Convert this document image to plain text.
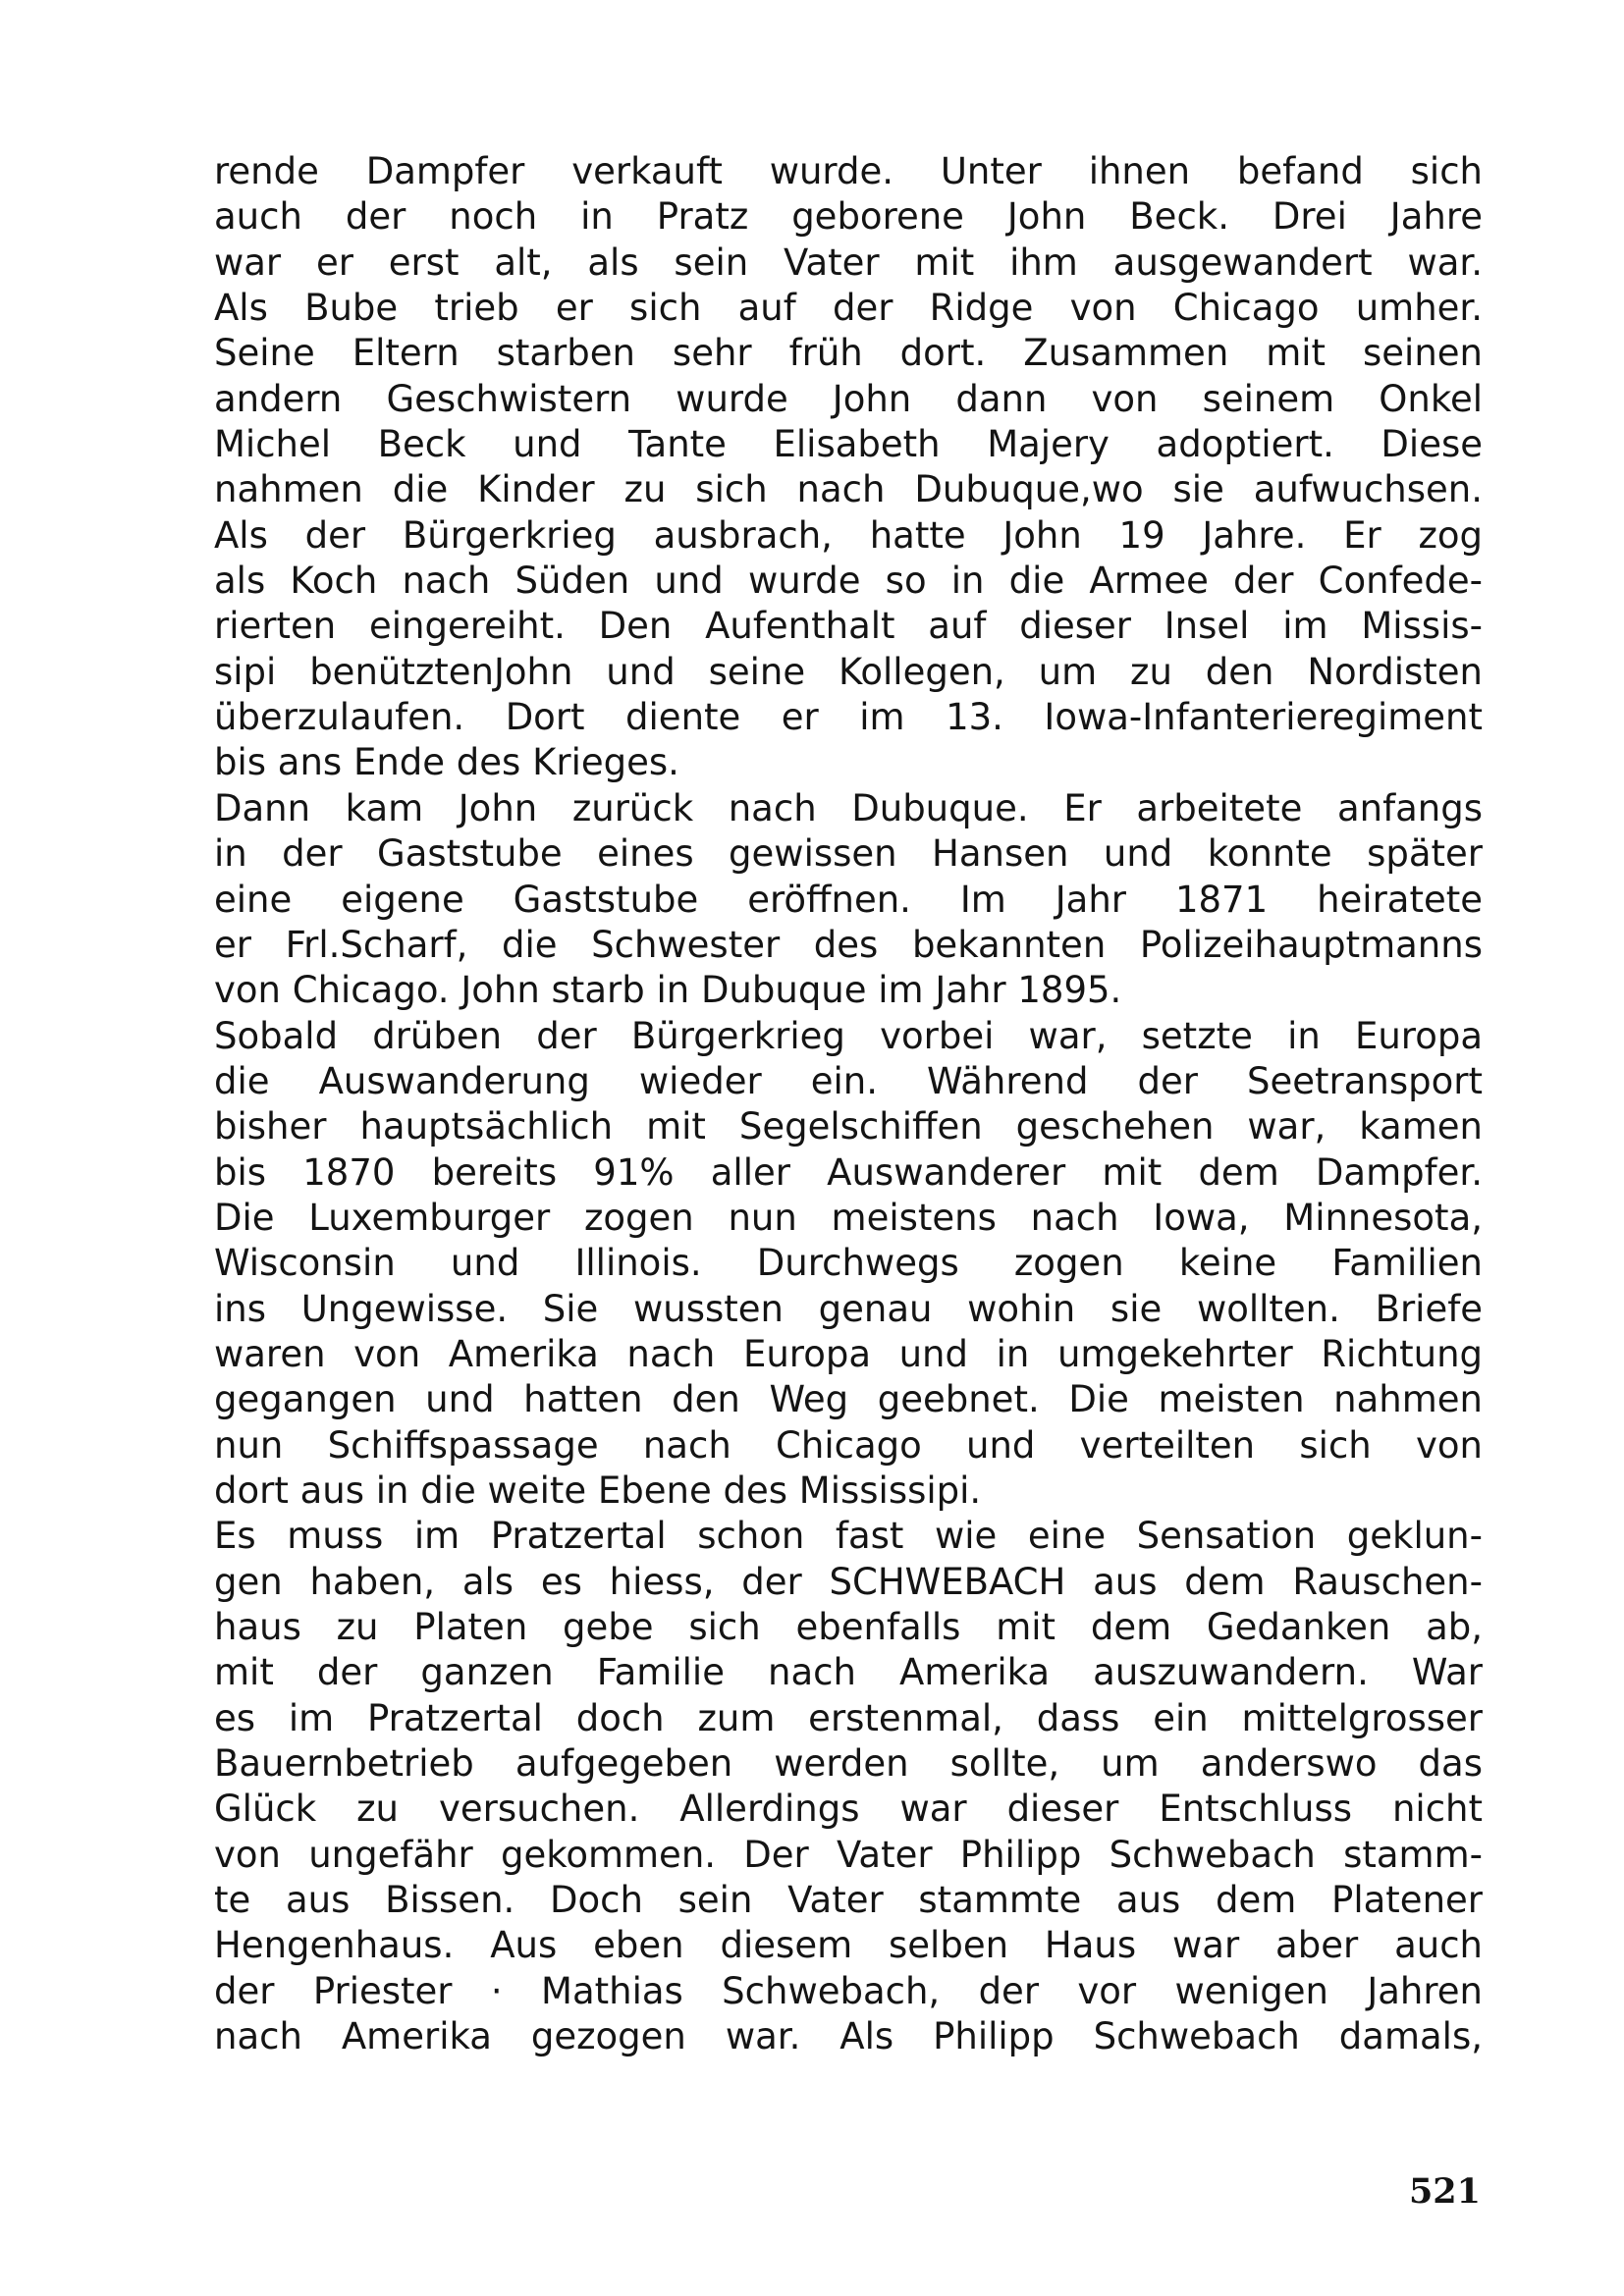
rende Dampfer verkauft wurde. Unter ihnen befand sich
auch der noch in Pratz geborene John Beck. Drei Jahre
war er erst alt, als sein Vater mit ihm ausgewandert war.
Als Bube trieb er sich auf der Ridge von Chicago umher.
Seine Eltern starben sehr früh dort. Zusammen mit seinen
andern Geschwistern wurde John dann von seinem Onkel
Michel Beck und Tante Elisabeth Majery adoptiert. Diese
nahmen die Kinder zu sich nach Dubuque,wo sie aufwuchsen.
Als der Bürgerkrieg ausbrach, hatte John 19 Jahre. Er zog
als Koch nach Süden und wurde so in die Armee der Confede-
rierten eingereiht. Den Aufenthalt auf dieser Insel im Missis-
sipi benütztenJohn und seine Kollegen, um zu den Nordisten
überzulaufen. Dort diente er im 13. Iowa-Infanterieregiment
bis ans Ende des Krieges.
Dann kam John zurück nach Dubuque. Er arbeitete anfangs
in der Gaststube eines gewissen Hansen und konnte später
eine eigene Gaststube eröffnen. Im Jahr 1871 heiratete
er Frl.Scharf, die Schwester des bekannten Polizeihauptmanns
von Chicago. John starb in Dubuque im Jahr 1895.
Sobald drüben der Bürgerkrieg vorbei war, setzte in Europa
die Auswanderung wieder ein. Während der Seetransport
bisher hauptsächlich mit Segelschiffen geschehen war, kamen
bis 1870 bereits 91% aller Auswanderer mit dem Dampfer.
Die Luxemburger zogen nun meistens nach Iowa, Minnesota,
Wisconsin und Illinois. Durchwegs zogen keine Familien
ins Ungewisse. Sie wussten genau wohin sie wollten. Briefe
waren von Amerika nach Europa und in umgekehrter Richtung
gegangen und hatten den Weg geebnet. Die meisten nahmen
nun Schiffspassage nach Chicago und verteilten sich von
dort aus in die weite Ebene des Mississipi.
Es muss im Pratzertal schon fast wie eine Sensation geklun-
gen haben, als es hiess, der SCHWEBACH aus dem Rauschen-
haus zu Platen gebe sich ebenfalls mit dem Gedanken ab,
mit der ganzen Familie nach Amerika auszuwandern. War
es im Pratzertal doch zum erstenmal, dass ein mittelgrosser
Bauernbetrieb aufgegeben werden sollte, um anderswo das
Glück zu versuchen. Allerdings war dieser Entschluss nicht
von ungefähr gekommen. Der Vater Philipp Schwebach stamm-
te aus Bissen. Doch sein Vater stammte aus dem Platener
Hengenhaus. Aus eben diesem selben Haus war aber auch
der Priester · Mathias Schwebach, der vor wenigen Jahren
nach Amerika gezogen war. Als Philipp Schwebach damals,
521
